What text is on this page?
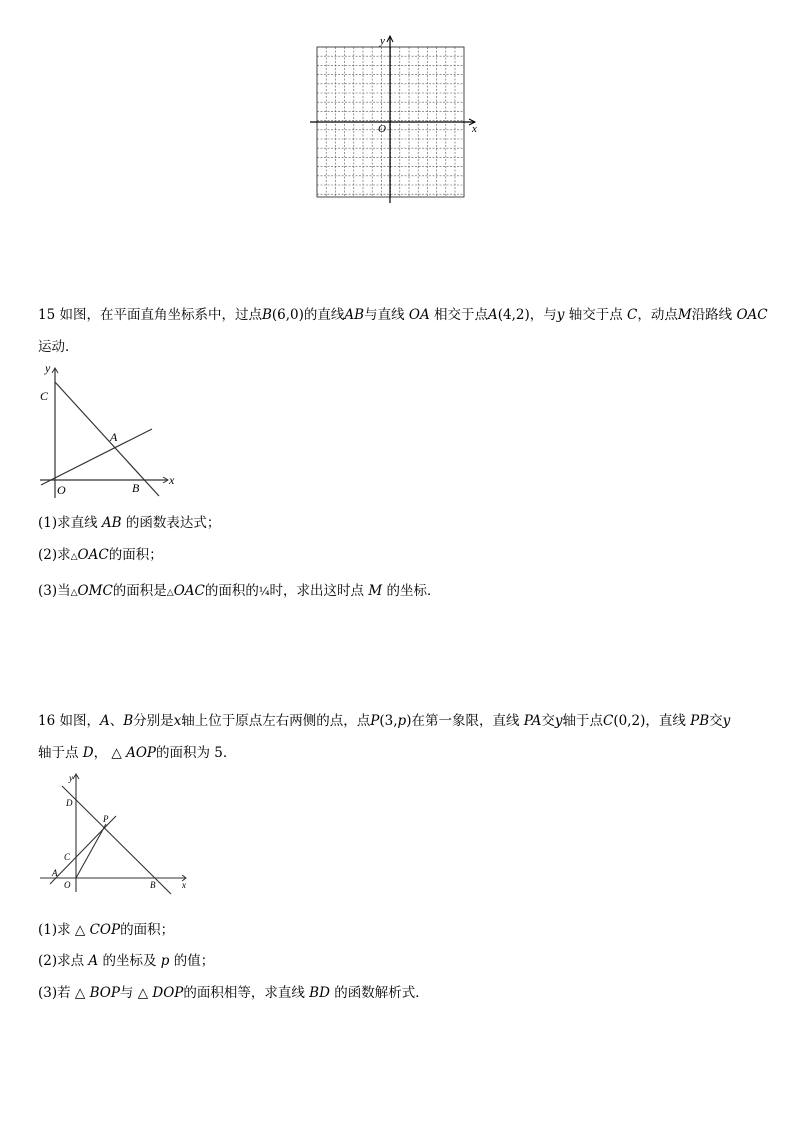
O	x
y
15 如图，在平面直角坐标系中，过点B(6,0)的直线AB与直线 OA 相交于点A(4,2)，与y 轴交于点 C，动点M沿路线 OAC
运动．
y
x
C
A
O	B
(1)求直线 AB 的函数表达式；
(2)求△OAC的面积；
(3)当△OMC的面积是△OAC的面积的¼时，求出这时点 M 的坐标．
16 如图，A、B分别是x轴上位于原点左右两侧的点，点P(3,p)在第一象限，直线 PA交y轴于点C(0,2)，直线 PB交y
轴于点 D， △ AOP的面积为 5．
y
x
D
P
C
A
O	B
(1)求 △ COP的面积；
(2)求点 A 的坐标及 p 的值；
(3)若 △ BOP与 △ DOP的面积相等，求直线 BD 的函数解析式．
